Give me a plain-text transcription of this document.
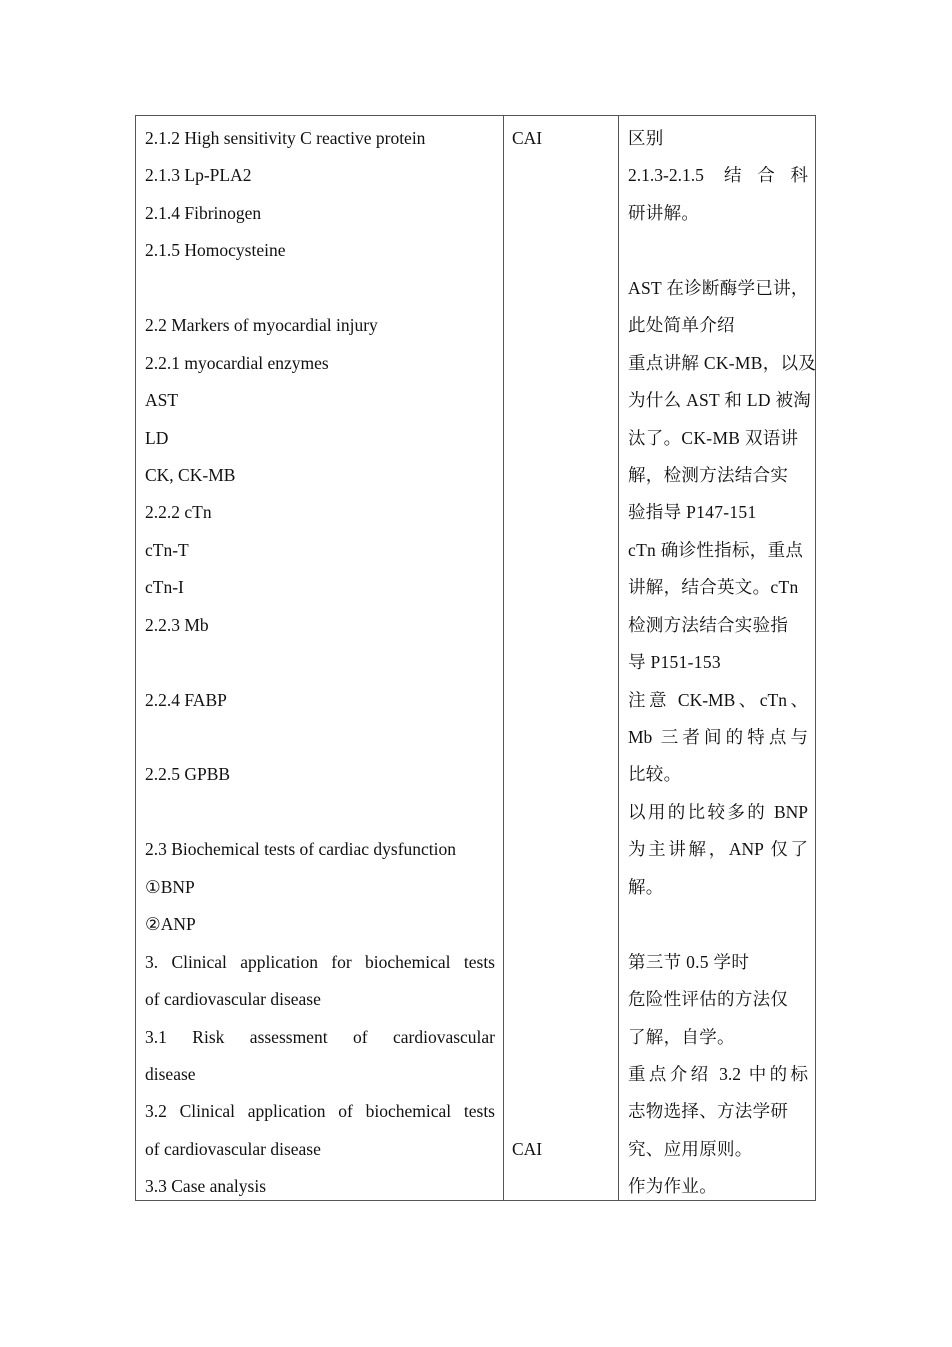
2.1.2 High sensitivity C reactive protein
2.1.3 Lp-PLA2
2.1.4 Fibrinogen
2.1.5 Homocysteine
2.2 Markers of myocardial injury
2.2.1 myocardial enzymes
AST
LD
CK, CK-MB
2.2.2 cTn
cTn-T
cTn-I
2.2.3 Mb
2.2.4 FABP
2.2.5 GPBB
2.3 Biochemical tests of cardiac dysfunction
①BNP
②ANP
3. Clinical application for biochemical tests
of cardiovascular disease
3.1 Risk assessment of cardiovascular
disease
3.2 Clinical application of biochemical tests
of cardiovascular disease
3.3 Case analysis
CAI
CAI
区别
2.1.3-2.1.5 结合科
研讲解。
AST 在诊断酶学已讲，
此处简单介绍
重点讲解 CK-MB，以及
为什么 AST 和 LD 被淘
汰了。CK-MB 双语讲
解，检测方法结合实
验指导 P147-151
cTn 确诊性指标，重点
讲解，结合英文。cTn
检测方法结合实验指
导 P151-153
注意 CK-MB、cTn、
Mb 三者间的特点与
比较。
以用的比较多的 BNP
为主讲解，ANP 仅了
解。
第三节 0.5 学时
危险性评估的方法仅
了解，自学。
重点介绍 3.2 中的标
志物选择、方法学研
究、应用原则。
作为作业。
